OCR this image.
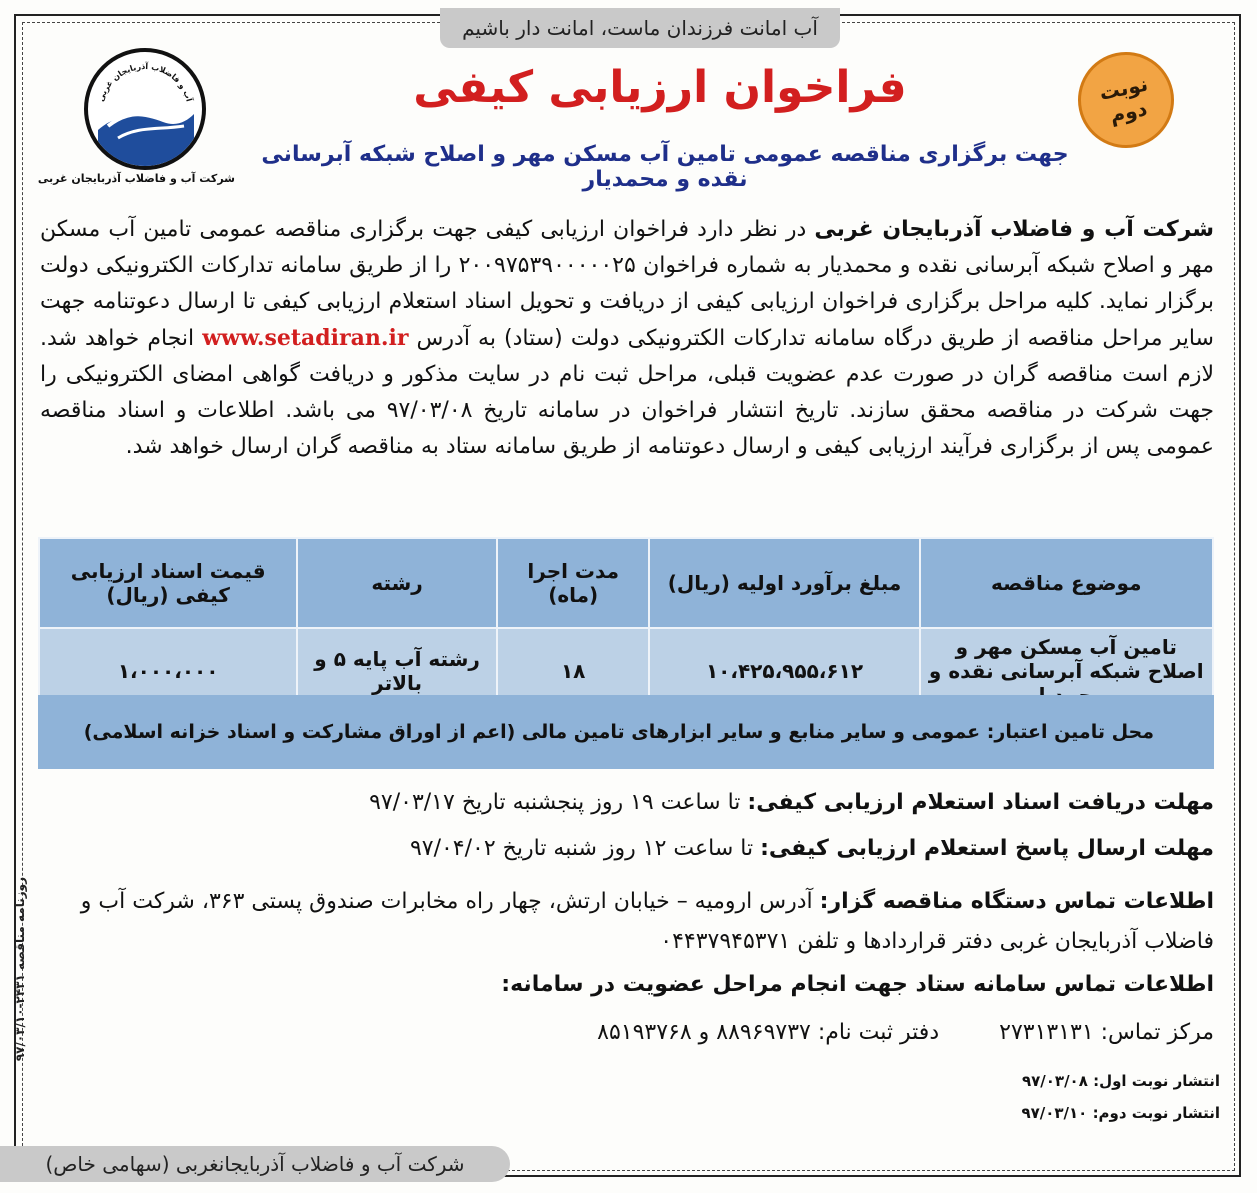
آب امانت فرزندان ماست، امانت دار باشیم
آب و فاضلاب آذربایجان غربی
شرکت آب و فاضلاب آذربایجان غربی
نوبت دوم
فراخوان ارزیابی کیفی
جهت برگزاری مناقصه عمومی تامین آب مسکن مهر و اصلاح شبکه آبرسانی نقده و محمدیار
شرکت آب و فاضلاب آذربایجان غربی در نظر دارد فراخوان ارزیابی کیفی جهت برگزاری مناقصه عمومی تامین آب مسکن مهر و اصلاح شبکه آبرسانی نقده و محمدیار به شماره فراخوان ۲۰۰۹۷۵۳۹۰۰۰۰۰۲۵ را از طریق سامانه تدارکات الکترونیکی دولت برگزار نماید. کلیه مراحل برگزاری فراخوان ارزیابی کیفی از دریافت و تحویل اسناد استعلام ارزیابی کیفی تا ارسال دعوتنامه جهت سایر مراحل مناقصه از طریق درگاه سامانه تدارکات الکترونیکی دولت (ستاد) به آدرس www.setadiran.ir انجام خواهد شد. لازم است مناقصه گران در صورت عدم عضویت قبلی، مراحل ثبت نام در سایت مذکور و دریافت گواهی امضای الکترونیکی را جهت شرکت در مناقصه محقق سازند. تاریخ انتشار فراخوان در سامانه تاریخ ۹۷/۰۳/۰۸ می باشد. اطلاعات و اسناد مناقصه عمومی پس از برگزاری فرآیند ارزیابی کیفی و ارسال دعوتنامه از طریق سامانه ستاد به مناقصه گران ارسال خواهد شد.
موضوع مناقصه	مبلغ برآورد اولیه (ریال)	مدت اجرا (ماه)	رشته	قیمت اسناد ارزیابی کیفی (ریال)
تامین آب مسکن مهر و اصلاح شبکه آبرسانی نقده و	۱۰،۴۲۵،۹۵۵،۶۱۲	۱۸	رشته آب پایه ۵ و بالاتر	۱،۰۰۰،۰۰۰
محل تامین اعتبار: عمومی و سایر منابع و سایر ابزارهای تامین مالی (اعم از اوراق مشارکت و اسناد خزانه اسلامی)
مهلت دریافت اسناد استعلام ارزیابی کیفی: تا ساعت ۱۹ روز پنجشنبه تاریخ ۹۷/۰۳/۱۷
مهلت ارسال پاسخ استعلام ارزیابی کیفی: تا ساعت ۱۲ روز شنبه تاریخ ۹۷/۰۴/۰۲
اطلاعات تماس دستگاه مناقصه گزار: آدرس ارومیه – خیابان ارتش، چهار راه مخابرات صندوق پستی ۳۶۳، شرکت آب و فاضلاب آذربایجان غربی دفتر قراردادها و تلفن ۰۴۴۳۷۹۴۵۳۷۱
اطلاعات تماس سامانه ستاد جهت انجام مراحل عضویت در سامانه:
مرکز تماس: ۲۷۳۱۳۱۳۱دفتر ثبت نام: ۸۸۹۶۹۷۳۷ و ۸۵۱۹۳۷۶۸
انتشار نوبت اول: ۹۷/۰۳/۰۸
انتشار نوبت دوم: ۹۷/۰۳/۱۰
شرکت آب و فاضلاب آذربایجانغربی (سهامی خاص)
روزنامه مناقصه ۲۴۳۱-۹۷/۰۳/۱۰
